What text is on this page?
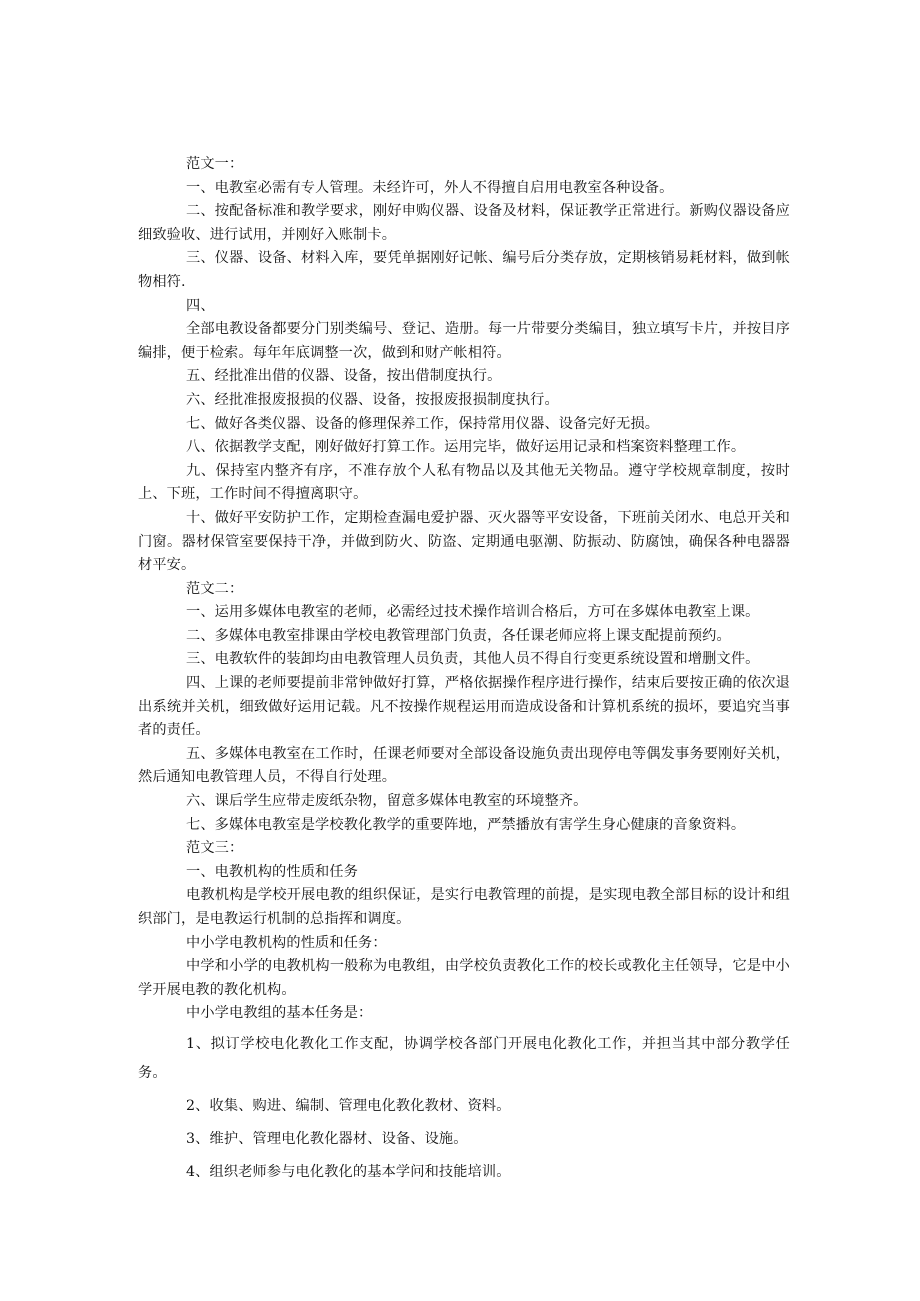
范文一：

一、电教室必需有专人管理。未经许可，外人不得擅自启用电教室各种设备。

二、按配备标准和教学要求，刚好申购仪器、设备及材料，保证教学正常进行。新购仪器设备应细致验收、进行试用，并刚好入账制卡。

三、仪器、设备、材料入库，要凭单据刚好记帐、编号后分类存放，定期核销易耗材料，做到帐物相符.

四、

全部电教设备都要分门别类编号、登记、造册。每一片带要分类编目，独立填写卡片，并按目序编排，便于检索。每年年底调整一次，做到和财产帐相符。

五、经批准出借的仪器、设备，按出借制度执行。

六、经批准报废报损的仪器、设备，按报废报损制度执行。

七、做好各类仪器、设备的修理保养工作，保持常用仪器、设备完好无损。

八、依据教学支配，刚好做好打算工作。运用完毕，做好运用记录和档案资料整理工作。

九、保持室内整齐有序，不准存放个人私有物品以及其他无关物品。遵守学校规章制度，按时上、下班，工作时间不得擅离职守。

十、做好平安防护工作，定期检查漏电爱护器、灭火器等平安设备，下班前关闭水、电总开关和门窗。器材保管室要保持干净，并做到防火、防盗、定期通电驱潮、防振动、防腐蚀，确保各种电器器材平安。

范文二：

一、运用多媒体电教室的老师，必需经过技术操作培训合格后，方可在多媒体电教室上课。

二、多媒体电教室排课由学校电教管理部门负责，各任课老师应将上课支配提前预约。

三、电教软件的装卸均由电教管理人员负责，其他人员不得自行变更系统设置和增删文件。

四、上课的老师要提前非常钟做好打算，严格依据操作程序进行操作，结束后要按正确的依次退出系统并关机，细致做好运用记载。凡不按操作规程运用而造成设备和计算机系统的损坏，要追究当事者的责任。

五、多媒体电教室在工作时，任课老师要对全部设备设施负责出现停电等偶发事务要刚好关机，然后通知电教管理人员，不得自行处理。

六、课后学生应带走废纸杂物，留意多媒体电教室的环境整齐。

七、多媒体电教室是学校教化教学的重要阵地，严禁播放有害学生身心健康的音象资料。

范文三：

一、电教机构的性质和任务

电教机构是学校开展电教的组织保证，是实行电教管理的前提，是实现电教全部目标的设计和组织部门，是电教运行机制的总指挥和调度。

中小学电教机构的性质和任务：

中学和小学的电教机构一般称为电教组，由学校负责教化工作的校长或教化主任领导，它是中小学开展电教的教化机构。

中小学电教组的基本任务是：

1、拟订学校电化教化工作支配，协调学校各部门开展电化教化工作，并担当其中部分教学任务。

2、收集、购进、编制、管理电化教化教材、资料。

3、维护、管理电化教化器材、设备、设施。

4、组织老师参与电化教化的基本学问和技能培训。
